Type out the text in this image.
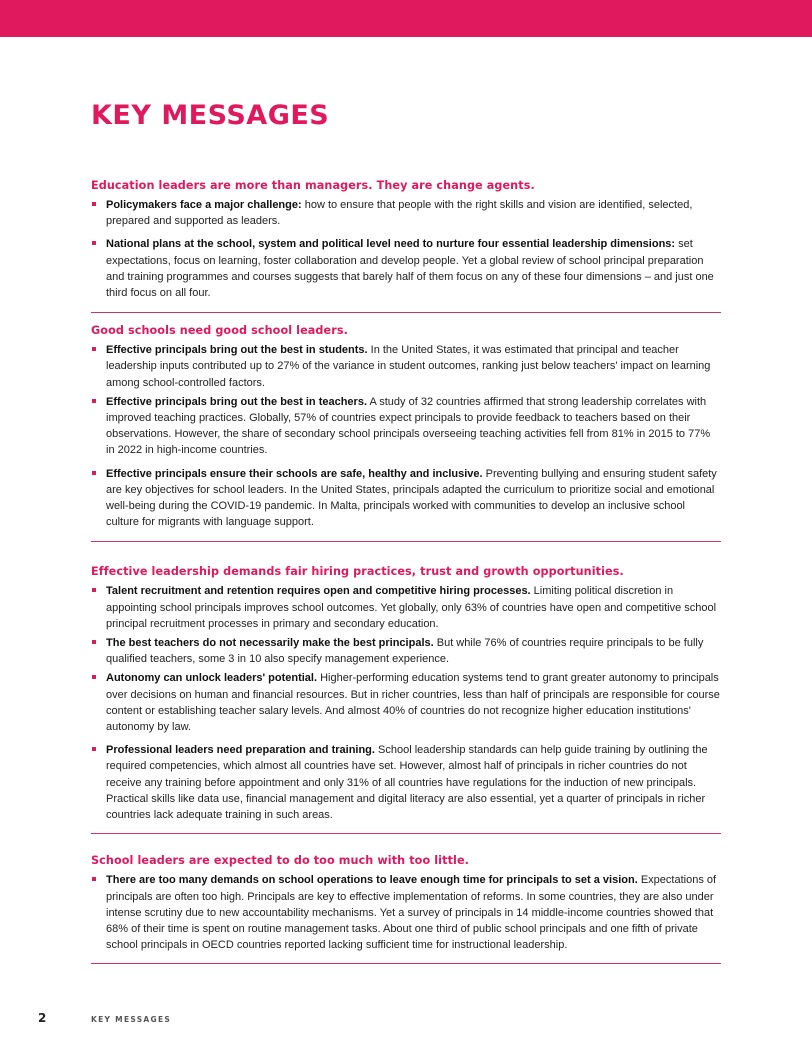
KEY MESSAGES
Education leaders are more than managers. They are change agents.
Policymakers face a major challenge: how to ensure that people with the right skills and vision are identified, selected, prepared and supported as leaders.
National plans at the school, system and political level need to nurture four essential leadership dimensions: set expectations, focus on learning, foster collaboration and develop people. Yet a global review of school principal preparation and training programmes and courses suggests that barely half of them focus on any of these four dimensions – and just one third focus on all four.
Good schools need good school leaders.
Effective principals bring out the best in students. In the United States, it was estimated that principal and teacher leadership inputs contributed up to 27% of the variance in student outcomes, ranking just below teachers' impact on learning among school-controlled factors.
Effective principals bring out the best in teachers. A study of 32 countries affirmed that strong leadership correlates with improved teaching practices. Globally, 57% of countries expect principals to provide feedback to teachers based on their observations. However, the share of secondary school principals overseeing teaching activities fell from 81% in 2015 to 77% in 2022 in high-income countries.
Effective principals ensure their schools are safe, healthy and inclusive. Preventing bullying and ensuring student safety are key objectives for school leaders. In the United States, principals adapted the curriculum to prioritize social and emotional well-being during the COVID-19 pandemic. In Malta, principals worked with communities to develop an inclusive school culture for migrants with language support.
Effective leadership demands fair hiring practices, trust and growth opportunities.
Talent recruitment and retention requires open and competitive hiring processes. Limiting political discretion in appointing school principals improves school outcomes. Yet globally, only 63% of countries have open and competitive school principal recruitment processes in primary and secondary education.
The best teachers do not necessarily make the best principals. But while 76% of countries require principals to be fully qualified teachers, some 3 in 10 also specify management experience.
Autonomy can unlock leaders' potential. Higher-performing education systems tend to grant greater autonomy to principals over decisions on human and financial resources. But in richer countries, less than half of principals are responsible for course content or establishing teacher salary levels. And almost 40% of countries do not recognize higher education institutions' autonomy by law.
Professional leaders need preparation and training. School leadership standards can help guide training by outlining the required competencies, which almost all countries have set. However, almost half of principals in richer countries do not receive any training before appointment and only 31% of all countries have regulations for the induction of new principals. Practical skills like data use, financial management and digital literacy are also essential, yet a quarter of principals in richer countries lack adequate training in such areas.
School leaders are expected to do too much with too little.
There are too many demands on school operations to leave enough time for principals to set a vision. Expectations of principals are often too high. Principals are key to effective implementation of reforms. In some countries, they are also under intense scrutiny due to new accountability mechanisms. Yet a survey of principals in 14 middle-income countries showed that 68% of their time is spent on routine management tasks. About one third of public school principals and one fifth of private school principals in OECD countries reported lacking sufficient time for instructional leadership.
2	KEY MESSAGES
